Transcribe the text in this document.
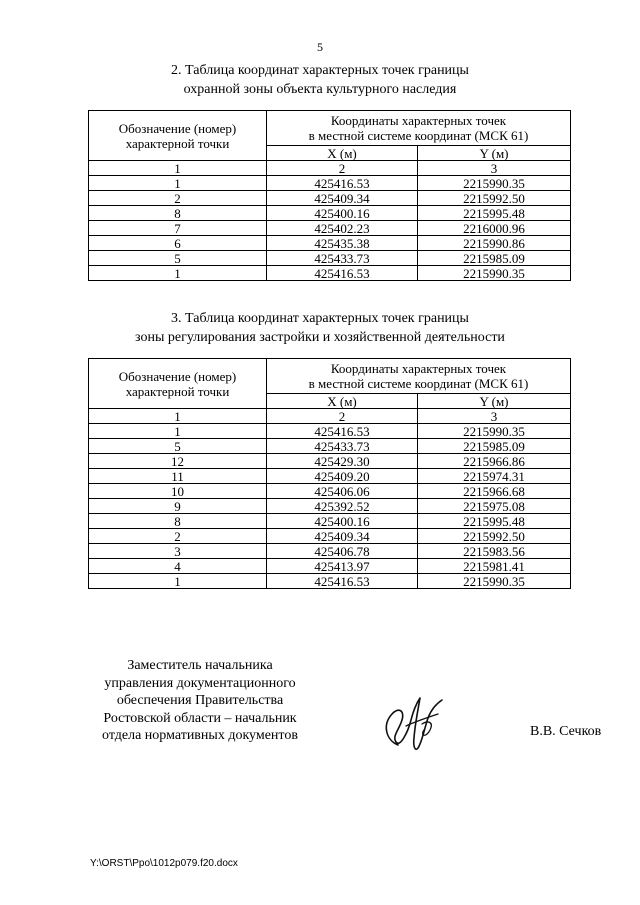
5
2. Таблица координат характерных точек границы
охранной зоны объекта культурного наследия
Обозначение (номер)
характерной точки	Координаты характерных точек
в местной системе координат (МСК 61)	
	X (м)	Y (м)
1	2	3
1	425416.53	2215990.35
2	425409.34	2215992.50
8	425400.16	2215995.48
7	425402.23	2216000.96
6	425435.38	2215990.86
5	425433.73	2215985.09
1	425416.53	2215990.35
3. Таблица координат характерных точек границы
зоны регулирования застройки и хозяйственной деятельности
Обозначение (номер)
характерной точки	Координаты характерных точек
в местной системе координат (МСК 61)	
	X (м)	Y (м)
1	2	3
1	425416.53	2215990.35
5	425433.73	2215985.09
12	425429.30	2215966.86
11	425409.20	2215974.31
10	425406.06	2215966.68
9	425392.52	2215975.08
8	425400.16	2215995.48
2	425409.34	2215992.50
3	425406.78	2215983.56
4	425413.97	2215981.41
1	425416.53	2215990.35
Заместитель начальника
управления документационного
обеспечения Правительства
Ростовской области – начальник
отдела нормативных документов	В.В. Сечков
Y:\ORST\Ppo\1012p079.f20.docx
